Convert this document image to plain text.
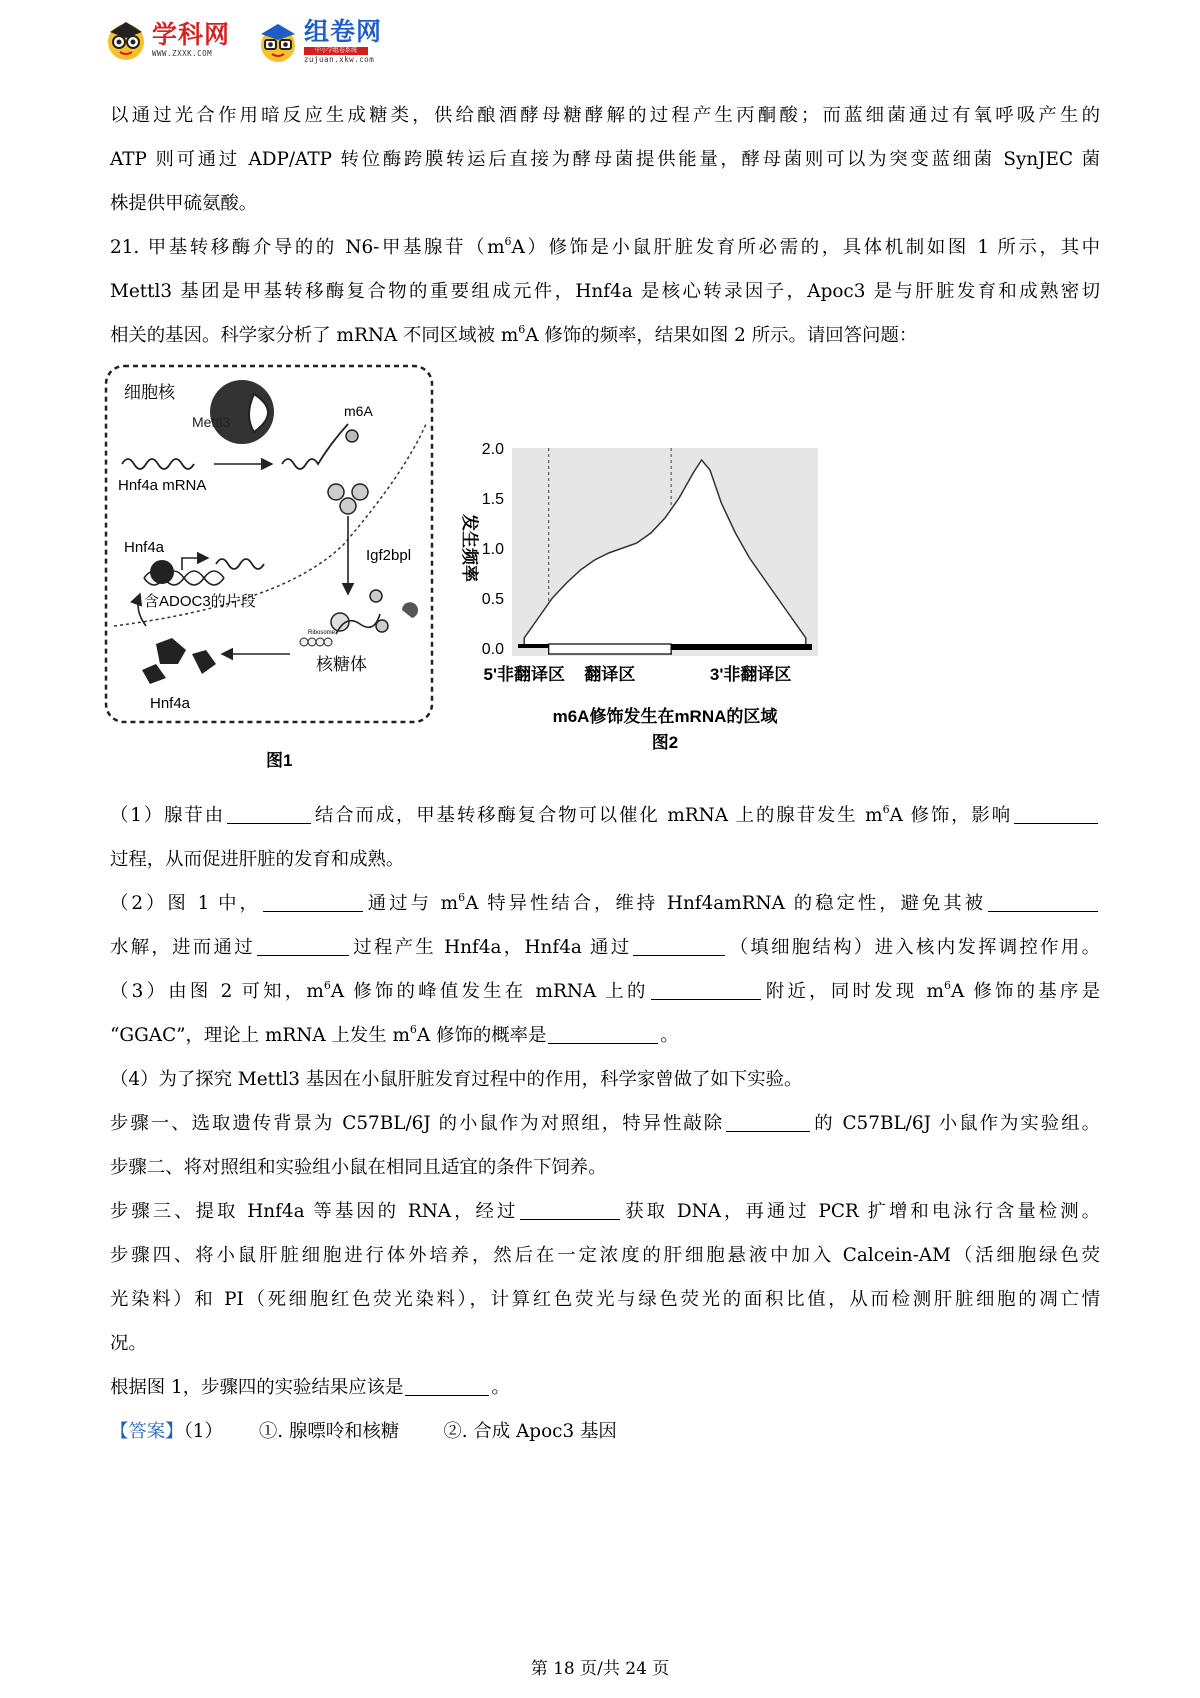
学科网
WWW.ZXXK.COM
组卷网
中小学组卷系统
zujuan.xkw.com
以通过光合作用暗反应生成糖类，供给酿酒酵母糖酵解的过程产生丙酮酸；而蓝细菌通过有氧呼吸产生的
ATP 则可通过 ADP/ATP 转位酶跨膜转运后直接为酵母菌提供能量，酵母菌则可以为突变蓝细菌 SynJEC 菌
株提供甲硫氨酸。
21. 甲基转移酶介导的的 N6-甲基腺苷$(m^6A)$修饰是小鼠肝脏发育所必需的，具体机制如图 1 所示，其中
Mettl3 基团是甲基转移酶复合物的重要组成元件，Hnf4a 是核心转录因子，Apoc3 是与肝脏发育和成熟密切
相关的基因。科学家分析了 mRNA 不同区域被 $m^6A$ 修饰的频率，结果如图 2 所示。请回答问题：
细胞核
Mettl3
Hnf4a mRNA
m6A
Igf2bpl
Hnf4a
含ADOC3的片段
Ribosome
核糖体
Hnf4a
图1
2.0
1.5
1.0
0.5
0.0
5'非翻译区 翻译区	3'非翻译区
发生频率
m6A修饰发生在mRNA的区域
图2
（1）腺苷由	结合而成，甲基转移酶复合物可以催化 mRNA 上的腺苷发生 $m^6A$ 修饰，影响
过程，从而促进肝脏的发育和成熟。
（2）图 1 中，	通过与 $m^6A$ 特异性结合，维持 Hnf4amRNA 的稳定性，避免其被
水解，进而通过	过程产生 Hnf4a，Hnf4a 通过	（填细胞结构）进入核内发挥调控作用。
（3）由图 2 可知，$m^6A$ 修饰的峰值发生在 mRNA 上的	附近，同时发现 $m^6A$ 修饰的基序是
“GGAC”，理论上 mRNA 上发生 $m^6A$ 修饰的概率是	。
（4）为了探究 Mettl3 基因在小鼠肝脏发育过程中的作用，科学家曾做了如下实验。
步骤一、选取遗传背景为 C57BL/6J 的小鼠作为对照组，特异性敲除	的 C57BL/6J 小鼠作为实验组。
步骤二、将对照组和实验组小鼠在相同且适宜的条件下饲养。
步骤三、提取 Hnf4a 等基因的 RNA，经过	获取 DNA，再通过 PCR 扩增和电泳行含量检测。
步骤四、将小鼠肝脏细胞进行体外培养，然后在一定浓度的肝细胞悬液中加入 Calcein-AM（活细胞绿色荧
光染料）和 PI（死细胞红色荧光染料），计算红色荧光与绿色荧光的面积比值，从而检测肝脏细胞的凋亡情
况。
根据图 1，步骤四的实验结果应该是	。
【答案】（1） ①. 腺嘌呤和核糖 ②. 合成 Apoc3 基因
第 18 页/共 24 页
